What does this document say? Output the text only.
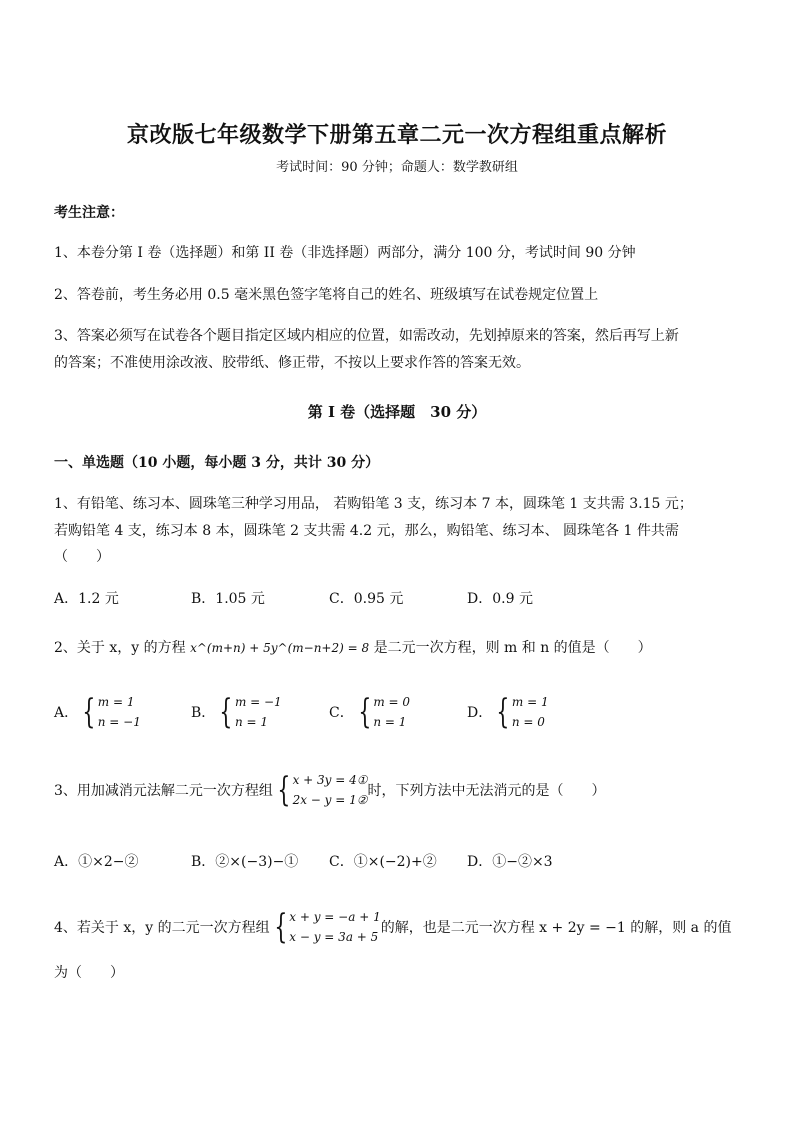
京改版七年级数学下册第五章二元一次方程组重点解析
考试时间：90 分钟；命题人：数学教研组
考生注意：
1、本卷分第 I 卷（选择题）和第 II 卷（非选择题）两部分，满分 100 分，考试时间 90 分钟
2、答卷前，考生务必用 0.5 毫米黑色签字笔将自己的姓名、班级填写在试卷规定位置上
3、答案必须写在试卷各个题目指定区域内相应的位置，如需改动，先划掉原来的答案，然后再写上新
的答案；不准使用涂改液、胶带纸、修正带，不按以上要求作答的答案无效。
第 I 卷（选择题　30 分）
一、单选题（10 小题，每小题 3 分，共计 30 分）
1、有铅笔、练习本、圆珠笔三种学习用品， 若购铅笔 3 支，练习本 7 本，圆珠笔 1 支共需 3.15 元；
若购铅笔 4 支，练习本 8 本，圆珠笔 2 支共需 4.2 元，那么，购铅笔、练习本、 圆珠笔各 1 件共需
（　　）
A．1.2 元	B．1.05 元	C．0.95 元	D．0.9 元
2、关于 x，y 的方程 x^(m+n) + 5y^(m−n+2) = 8 是二元一次方程，则 m 和 n 的值是（　　）
A． { m = 1
n = −1
B． { m = −1
n = 1
C． { m = 0
n = 1
D． { m = 1
n = 0
3、用加减消元法解二元一次方程组 { x + 3y = 4①
2x − y = 1②
时，下列方法中无法消元的是（　　）
A．①×2−②	B．②×(−3)−① C．①×(−2)+② D．①−②×3
4、若关于 x，y 的二元一次方程组 { x + y = −a + 1
x − y = 3a + 5
的解，也是二元一次方程 x + 2y = −1 的解，则 a 的值
为（　　）
